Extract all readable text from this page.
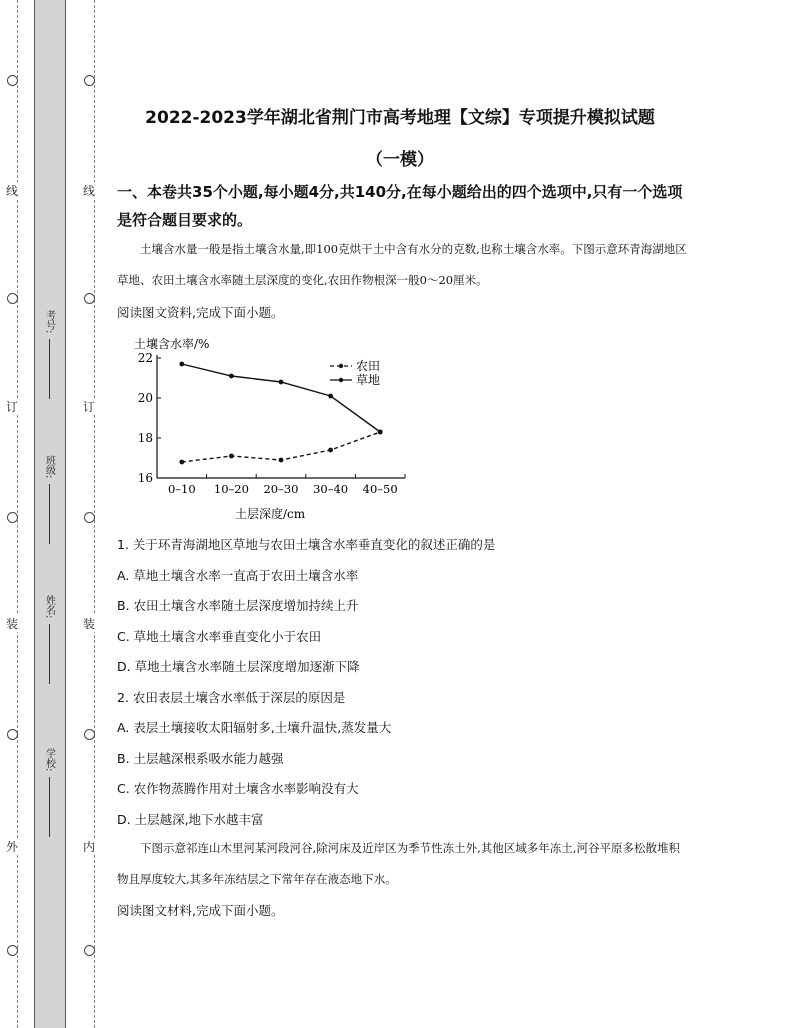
线
订
装
外
线
订
装
内
考号:
班级:
姓名:
学校:
2022-2023学年湖北省荆门市高考地理【文综】专项提升模拟试题
（一模）
一、本卷共35个小题,每小题4分,共140分,在每小题给出的四个选项中,只有一个选项是符合题目要求的。
土壤含水量一般是指土壤含水量,即100克烘干土中含有水分的克数,也称土壤含水率。下图示意环青海湖地区草地、农田土壤含水率随土层深度的变化,农田作物根深一般0～20厘米。
阅读图文资料,完成下面小题。
16
18
20
22
0–10 10–20 20–30 30–40 40–50
土壤含水率/%
土层深度/cm
农田
草地
1. 关于环青海湖地区草地与农田土壤含水率垂直变化的叙述正确的是
A. 草地土壤含水率一直高于农田土壤含水率
B. 农田土壤含水率随土层深度增加持续上升
C. 草地土壤含水率垂直变化小于农田
D. 草地土壤含水率随土层深度增加逐渐下降
2. 农田表层土壤含水率低于深层的原因是
A. 表层土壤接收太阳辐射多,土壤升温快,蒸发量大
B. 土层越深根系吸水能力越强
C. 农作物蒸腾作用对土壤含水率影响没有大
D. 土层越深,地下水越丰富
下图示意祁连山木里河某河段河谷,除河床及近岸区为季节性冻土外,其他区域多年冻土,河谷平原多松散堆积物且厚度较大,其多年冻结层之下常年存在液态地下水。
阅读图文材料,完成下面小题。
